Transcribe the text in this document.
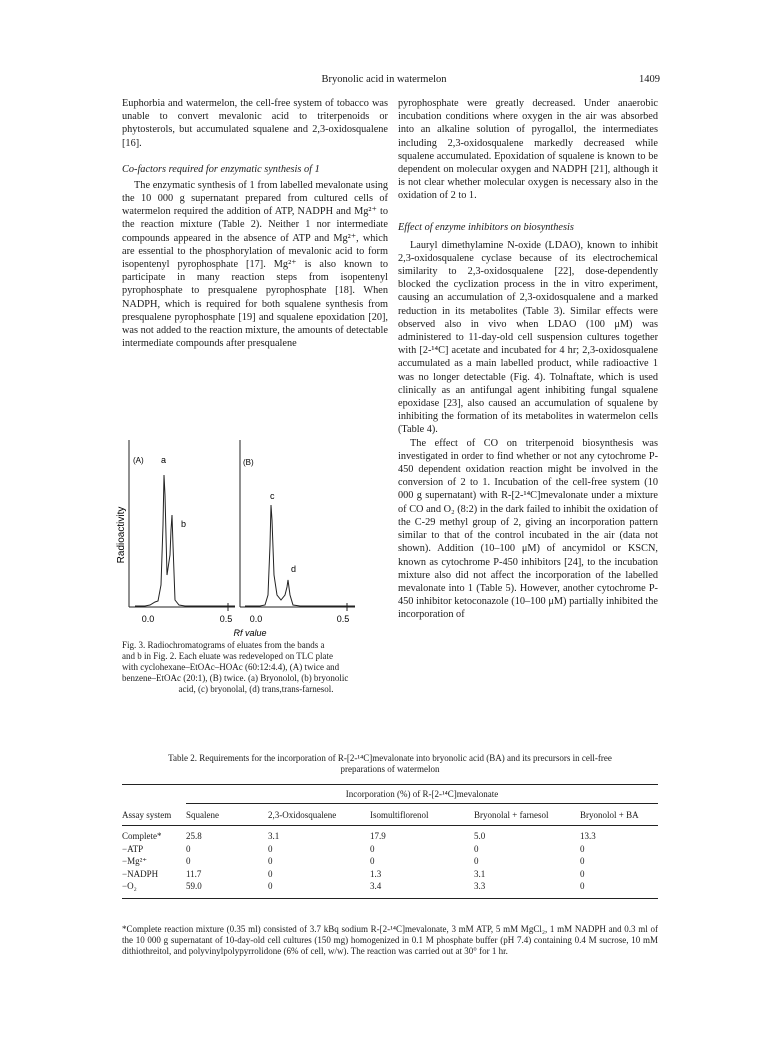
Bryonolic acid in watermelon	1409

Euphorbia and watermelon, the cell-free system of tobacco was unable to convert mevalonic acid to triterpenoids or phytosterols, but accumulated squalene and 2,3-oxidosqualene [16].

Co-factors required for enzymatic synthesis of 1

The enzymatic synthesis of 1 from labelled mevalonate using the 10 000 g supernatant prepared from cultured cells of watermelon required the addition of ATP, NADPH and Mg²⁺ to the reaction mixture (Table 2). Neither 1 nor intermediate compounds appeared in the absence of ATP and Mg²⁺, which are essential to the phosphorylation of mevalonic acid to form isopentenyl pyrophosphate [17]. Mg²⁺ is also known to participate in many reaction steps from isopentenyl pyrophosphate to presqualene pyrophosphate [18]. When NADPH, which is required for both squalene synthesis from presqualene pyrophosphate [19] and squalene epoxidation [20], was not added to the reaction mixture, the amounts of detectable intermediate compounds after presqualene

pyrophosphate were greatly decreased. Under anaerobic incubation conditions where oxygen in the air was absorbed into an alkaline solution of pyrogallol, the intermediates including 2,3-oxidosqualene markedly decreased while squalene accumulated. Epoxidation of squalene is known to be dependent on molecular oxygen and NADPH [21], although it is not clear whether molecular oxygen is necessary also in the oxidation of 2 to 1.

Effect of enzyme inhibitors on biosynthesis

Lauryl dimethylamine N-oxide (LDAO), known to inhibit 2,3-oxidosqualene cyclase because of its electrochemical similarity to 2,3-oxidosqualene [22], dose-dependently blocked the cyclization process in the in vitro experiment, causing an accumulation of 2,3-oxidosqualene and a marked reduction in its metabolites (Table 3). Similar effects were observed also in vivo when LDAO (100 μM) was administered to 11-day-old cell suspension cultures together with [2-¹⁴C] acetate and incubated for 4 hr; 2,3-oxidosqualene accumulated as a main labelled product, while radioactive 1 was no longer detectable (Fig. 4). Tolnaftate, which is used clinically as an antifungal agent inhibiting fungal squalene epoxidase [23], also caused an accumulation of squalene by inhibiting the formation of its metabolites in watermelon cells (Table 4).

The effect of CO on triterpenoid biosynthesis was investigated in order to find whether or not any cytochrome P-450 dependent oxidation reaction might be involved in the conversion of 2 to 1. Incubation of the cell-free system (10 000 g supernatant) with R-[2-¹⁴C]mevalonate under a mixture of CO and O₂ (8:2) in the dark failed to inhibit the oxidation of the C-29 methyl group of 2, giving an incorporation pattern similar to that of the control incubated in the air (data not shown). Addition (10–100 μM) of ancymidol or KSCN, known as cytochrome P-450 inhibitors [24], to the incubation mixture also did not affect the incorporation of the labelled mevalonate into 1 (Table 5). However, another cytochrome P-450 inhibitor ketoconazole (10–100 μM) partially inhibited the incorporation of

Radioactivity
(A)	(B)
a
b
c
d
0.0	0.5 0.0	0.5
Rf value

Fig. 3. Radiochromatograms of eluates from the bands a

and b in Fig. 2. Each eluate was redeveloped on TLC plate

with cyclohexane–EtOAc–HOAc (60:12:4.4), (A) twice and

benzene–EtOAc (20:1), (B) twice. (a) Bryonolol, (b) bryonolic

acid, (c) bryonolal, (d) trans,trans-farnesol.

Table 2. Requirements for the incorporation of R-[2-¹⁴C]mevalonate into bryonolic acid (BA) and its precursors in cell-free
preparations of watermelon

	Incorporation (%) of R-[2-¹⁴C]mevalonate				

Assay system	Squalene	2,3-Oxidosqualene	Isomultiflorenol	Bryonolal + farnesol	Bryonolol + BA

Complete*	25.8	3.1	17.9	5.0	13.3
−ATP	0	0	0	0	0
−Mg²⁺	0	0	0	0	0
−NADPH	11.7	0	1.3	3.1	0
−O₂	59.0	0	3.4	3.3	0

*Complete reaction mixture (0.35 ml) consisted of 3.7 kBq sodium R-[2-¹⁴C]mevalonate, 3 mM ATP, 5 mM MgCl₂, 1 mM NADPH and 0.3 ml of the 10 000 g supernatant of 10-day-old cell cultures (150 mg) homogenized in 0.1 M phosphate buffer (pH 7.4) containing 0.4 M sucrose, 10 mM dithiothreitol, and polyvinylpolypyrrolidone (6% of cell, w/w). The reaction was carried out at 30° for 1 hr.
